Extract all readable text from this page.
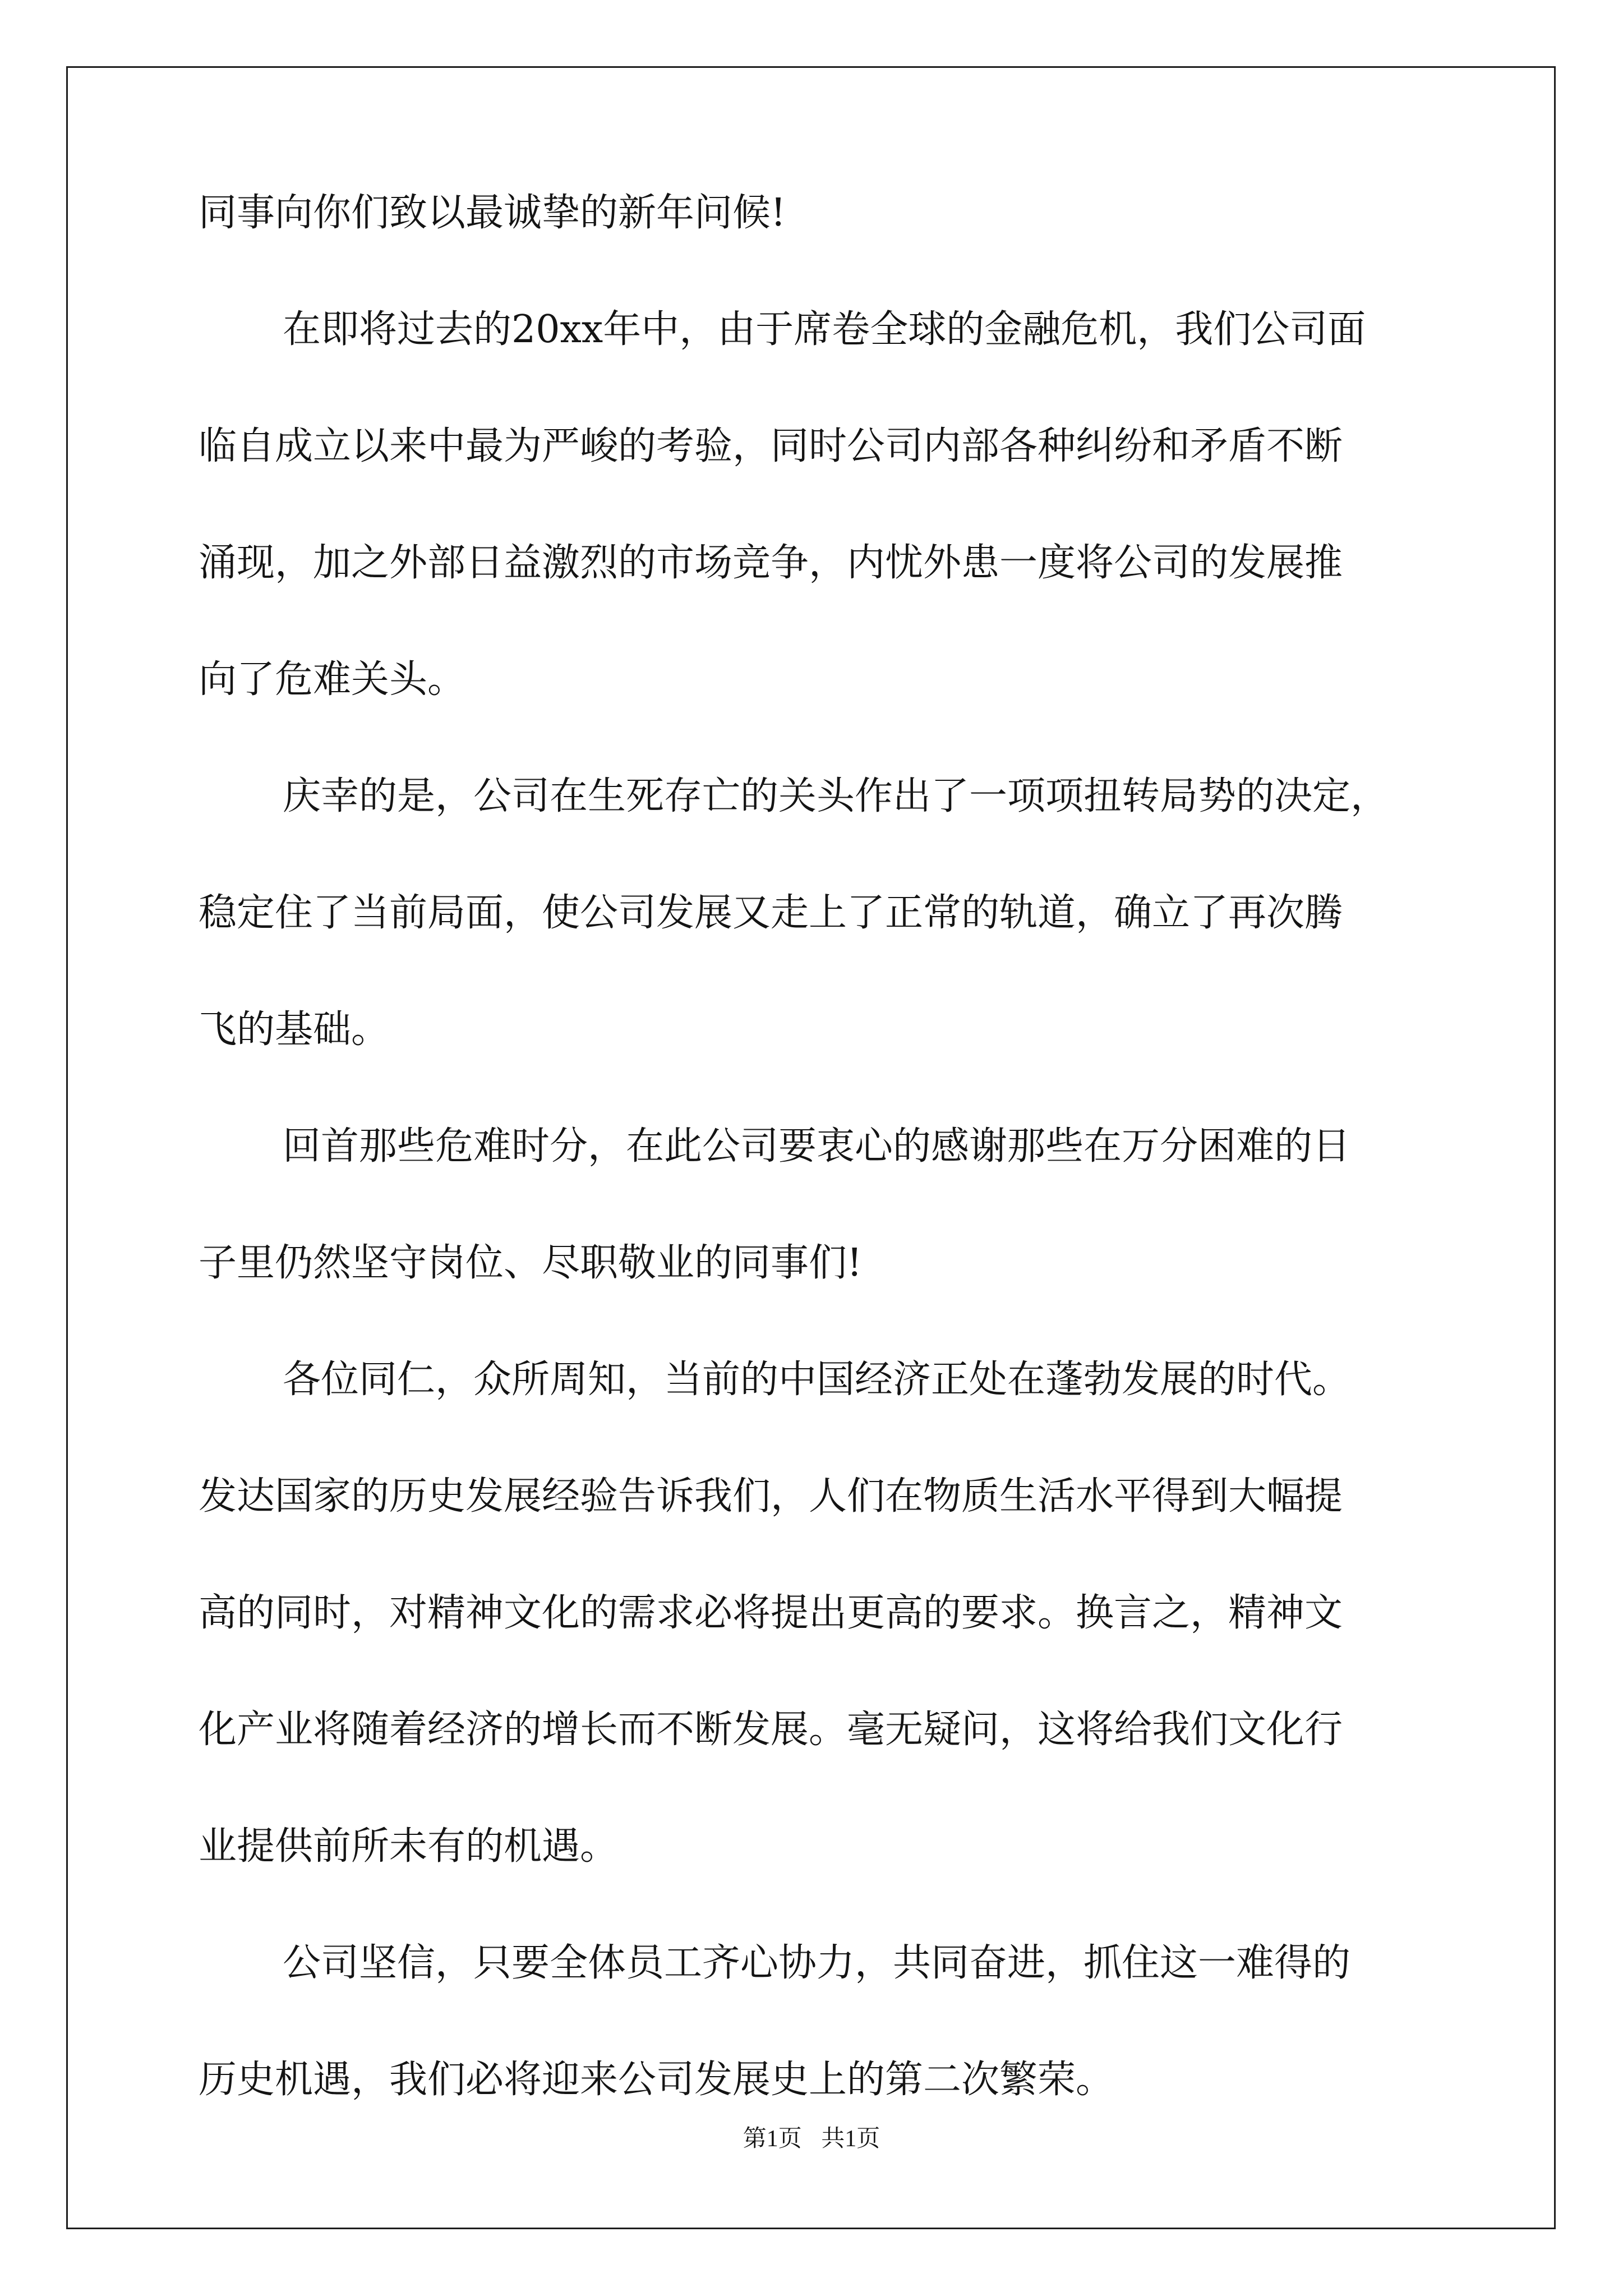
同事向你们致以最诚挚的新年问候!
在即将过去的20xx年中，由于席卷全球的金融危机，我们公司面
临自成立以来中最为严峻的考验，同时公司内部各种纠纷和矛盾不断
涌现，加之外部日益激烈的市场竞争，内忧外患一度将公司的发展推
向了危难关头。
庆幸的是，公司在生死存亡的关头作出了一项项扭转局势的决定，
稳定住了当前局面，使公司发展又走上了正常的轨道，确立了再次腾
飞的基础。
回首那些危难时分，在此公司要衷心的感谢那些在万分困难的日
子里仍然坚守岗位、尽职敬业的同事们!
各位同仁，众所周知，当前的中国经济正处在蓬勃发展的时代。
发达国家的历史发展经验告诉我们，人们在物质生活水平得到大幅提
高的同时，对精神文化的需求必将提出更高的要求。换言之，精神文
化产业将随着经济的增长而不断发展。毫无疑问，这将给我们文化行
业提供前所未有的机遇。
公司坚信，只要全体员工齐心协力，共同奋进，抓住这一难得的
历史机遇，我们必将迎来公司发展史上的第二次繁荣。
第1页 共1页
